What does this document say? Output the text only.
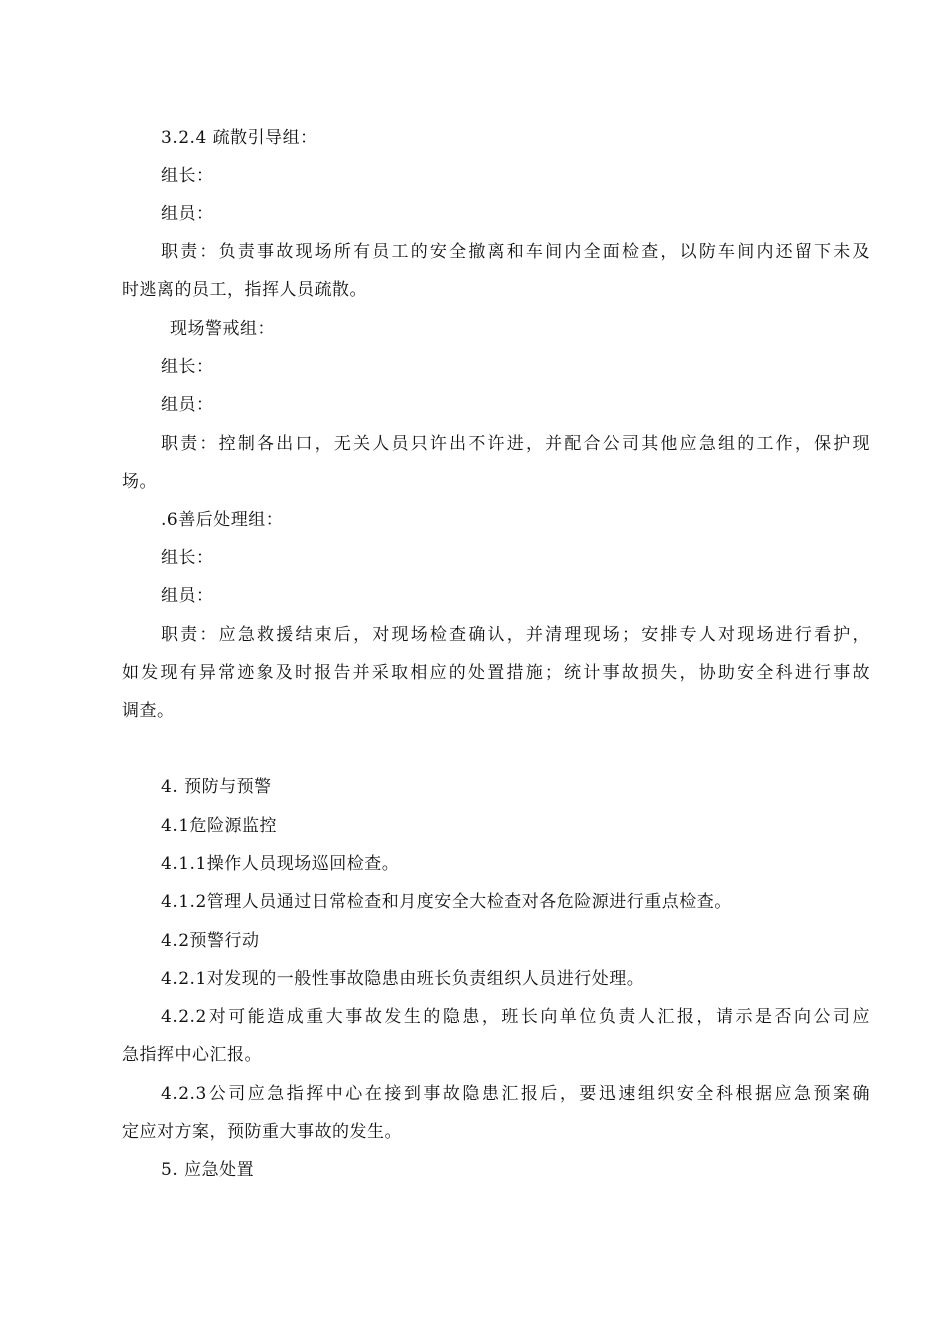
3.2.4 疏散引导组：
组长：
组员：
职责：负责事故现场所有员工的安全撤离和车间内全面检查，以防车间内还留下未及
时逃离的员工，指挥人员疏散。
现场警戒组：
组长：
组员：
职责：控制各出口，无关人员只许出不许进，并配合公司其他应急组的工作，保护现
场。
.6善后处理组：
组长：
组员：
职责：应急救援结束后，对现场检查确认，并清理现场；安排专人对现场进行看护，
如发现有异常迹象及时报告并采取相应的处置措施；统计事故损失，协助安全科进行事故
调查。
4. 预防与预警
4.1危险源监控
4.1.1操作人员现场巡回检查。
4.1.2管理人员通过日常检查和月度安全大检查对各危险源进行重点检查。
4.2预警行动
4.2.1对发现的一般性事故隐患由班长负责组织人员进行处理。
4.2.2对可能造成重大事故发生的隐患，班长向单位负责人汇报，请示是否向公司应
急指挥中心汇报。
4.2.3公司应急指挥中心在接到事故隐患汇报后，要迅速组织安全科根据应急预案确
定应对方案，预防重大事故的发生。
5. 应急处置
